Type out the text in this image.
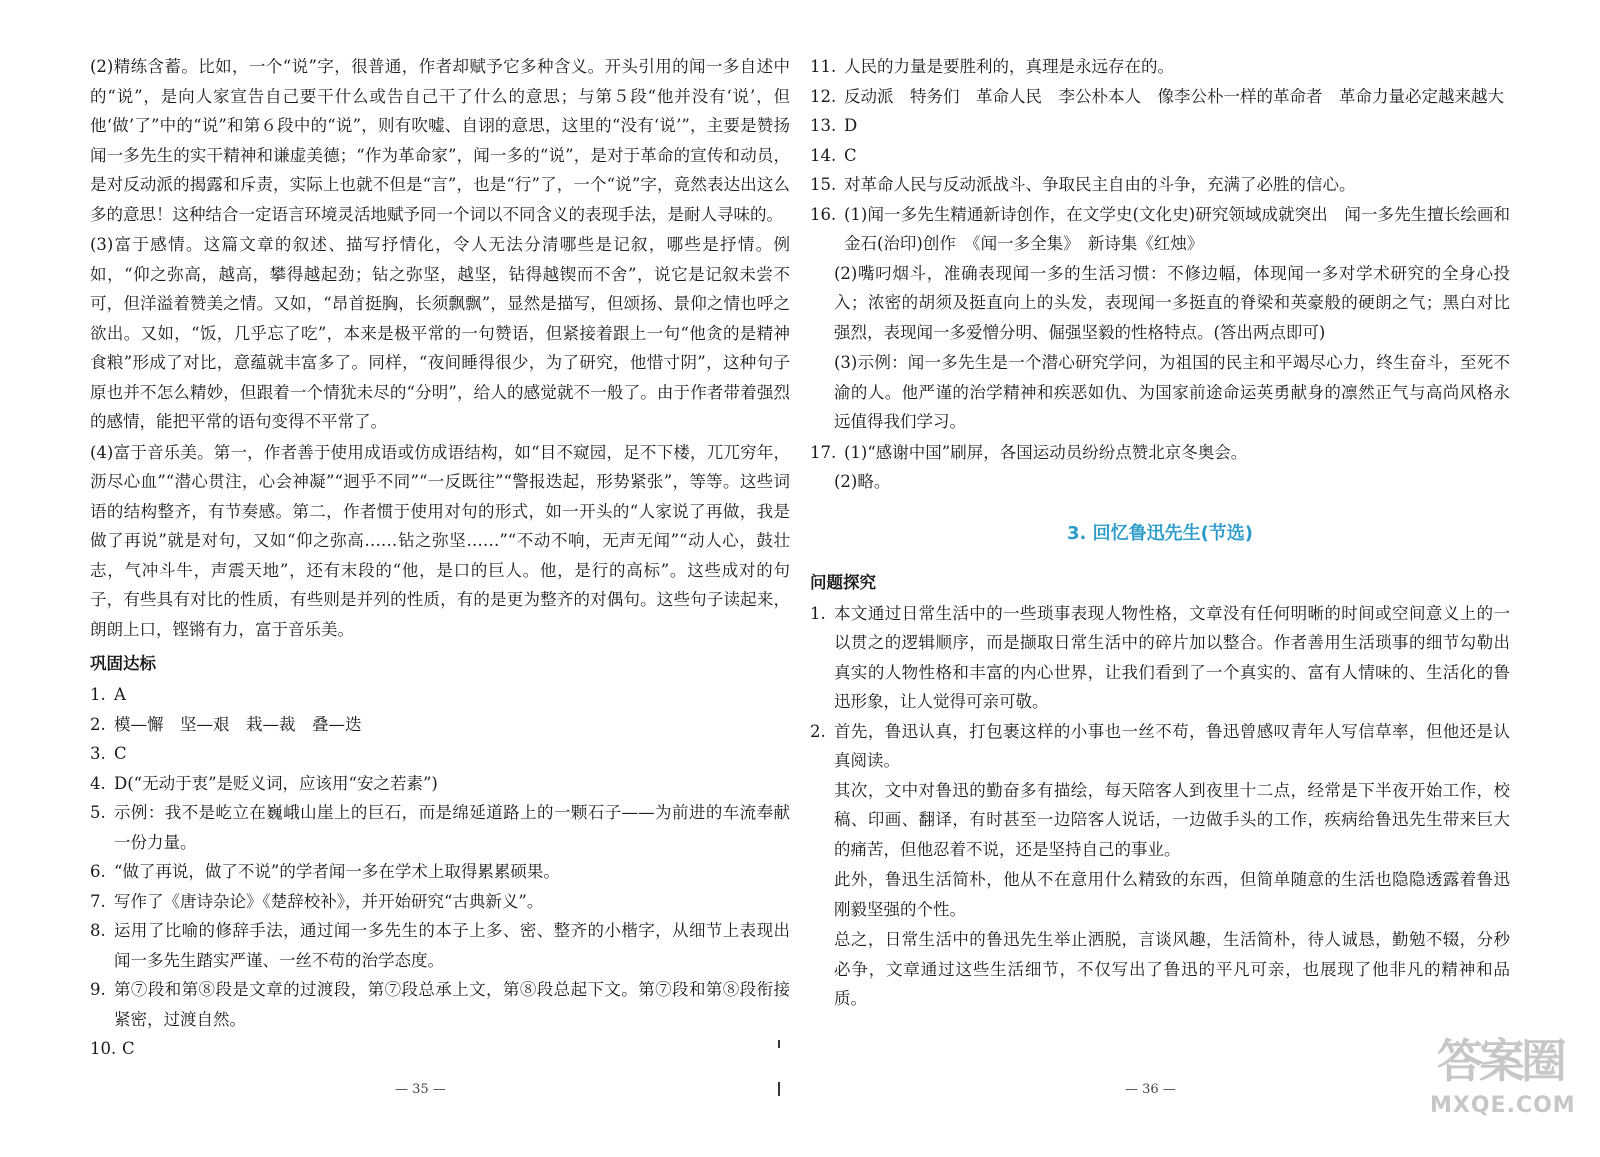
(2)精练含蓄。比如，一个“说”字，很普通，作者却赋予它多种含义。开头引用的闻一多自述中的“说”，是向人家宣告自己要干什么或告自己干了什么的意思；与第５段“他并没有‘说’，但他‘做’了”中的“说”和第６段中的“说”，则有吹嘘、自诩的意思，这里的“没有‘说’”，主要是赞扬闻一多先生的实干精神和谦虚美德；“作为革命家”，闻一多的“说”，是对于革命的宣传和动员，是对反动派的揭露和斥责，实际上也就不但是“言”，也是“行”了，一个“说”字，竟然表达出这么多的意思！这种结合一定语言环境灵活地赋予同一个词以不同含义的表现手法，是耐人寻味的。

(3)富于感情。这篇文章的叙述、描写抒情化，令人无法分清哪些是记叙，哪些是抒情。例如，“仰之弥高，越高，攀得越起劲；钻之弥坚，越坚，钻得越锲而不舍”，说它是记叙未尝不可，但洋溢着赞美之情。又如，“昂首挺胸，长须飘飘”，显然是描写，但颂扬、景仰之情也呼之欲出。又如，“饭，几乎忘了吃”，本来是极平常的一句赞语，但紧接着跟上一句“他贪的是精神食粮”形成了对比，意蕴就丰富多了。同样，“夜间睡得很少，为了研究，他惜寸阴”，这种句子原也并不怎么精妙，但跟着一个情犹未尽的“分明”，给人的感觉就不一般了。由于作者带着强烈的感情，能把平常的语句变得不平常了。

(4)富于音乐美。第一，作者善于使用成语或仿成语结构，如“目不窥园，足不下楼，兀兀穷年，沥尽心血”“潜心贯注，心会神凝”“迥乎不同”“一反既往”“警报迭起，形势紧张”，等等。这些词语的结构整齐，有节奏感。第二，作者惯于使用对句的形式，如一开头的“人家说了再做，我是做了再说”就是对句，又如“仰之弥高……钻之弥坚……”“不动不响，无声无闻”“动人心，鼓壮志，气冲斗牛，声震天地”，还有末段的“他，是口的巨人。他，是行的高标”。这些成对的句子，有些具有对比的性质，有些则是并列的性质，有的是更为整齐的对偶句。这些句子读起来，朗朗上口，铿锵有力，富于音乐美。

巩固达标
1. A
2. 模—懈　坚—艰　栽—裁　叠—迭
3. C
4. D(“无动于衷”是贬义词，应该用“安之若素”)
5. 示例：我不是屹立在巍峨山崖上的巨石，而是绵延道路上的一颗石子——为前进的车流奉献一份力量。
6. “做了再说，做了不说”的学者闻一多在学术上取得累累硕果。
7. 写作了《唐诗杂论》《楚辞校补》，并开始研究“古典新义”。
8. 运用了比喻的修辞手法，通过闻一多先生的本子上多、密、整齐的小楷字，从细节上表现出闻一多先生踏实严谨、一丝不苟的治学态度。
9. 第⑦段和第⑧段是文章的过渡段，第⑦段总承上文，第⑧段总起下文。第⑦段和第⑧段衔接紧密，过渡自然。
10. C
11. 人民的力量是要胜利的，真理是永远存在的。
12. 反动派　特务们　革命人民　李公朴本人　像李公朴一样的革命者　革命力量必定越来越大
13. D
14. C
15. 对革命人民与反动派战斗、争取民主自由的斗争，充满了必胜的信心。
16. (1)闻一多先生精通新诗创作，在文学史(文化史)研究领域成就突出　闻一多先生擅长绘画和金石(治印)创作　《闻一多全集》　新诗集《红烛》

(2)嘴叼烟斗，准确表现闻一多的生活习惯：不修边幅，体现闻一多对学术研究的全身心投入；浓密的胡须及挺直向上的头发，表现闻一多挺直的脊梁和英豪般的硬朗之气；黑白对比强烈，表现闻一多爱憎分明、倔强坚毅的性格特点。(答出两点即可)

(3)示例：闻一多先生是一个潜心研究学问，为祖国的民主和平竭尽心力，终生奋斗，至死不渝的人。他严谨的治学精神和疾恶如仇、为国家前途命运英勇献身的凛然正气与高尚风格永远值得我们学习。

17. (1)“感谢中国”刷屏，各国运动员纷纷点赞北京冬奥会。

(2)略。

3. 回忆鲁迅先生(节选)
问题探究
1. 本文通过日常生活中的一些琐事表现人物性格，文章没有任何明晰的时间或空间意义上的一以贯之的逻辑顺序，而是撷取日常生活中的碎片加以整合。作者善用生活琐事的细节勾勒出真实的人物性格和丰富的内心世界，让我们看到了一个真实的、富有人情味的、生活化的鲁迅形象，让人觉得可亲可敬。
2. 首先，鲁迅认真，打包裹这样的小事也一丝不苟，鲁迅曾感叹青年人写信草率，但他还是认真阅读。

其次，文中对鲁迅的勤奋多有描绘，每天陪客人到夜里十二点，经常是下半夜开始工作，校稿、印画、翻译，有时甚至一边陪客人说话，一边做手头的工作，疾病给鲁迅先生带来巨大的痛苦，但他忍着不说，还是坚持自己的事业。

此外，鲁迅生活简朴，他从不在意用什么精致的东西，但简单随意的生活也隐隐透露着鲁迅刚毅坚强的个性。

总之，日常生活中的鲁迅先生举止洒脱，言谈风趣，生活简朴，待人诚恳，勤勉不辍，分秒必争，文章通过这些生活细节，不仅写出了鲁迅的平凡可亲，也展现了他非凡的精神和品质。

— 35 —	— 36 —
答案圈
MXQE.COM
